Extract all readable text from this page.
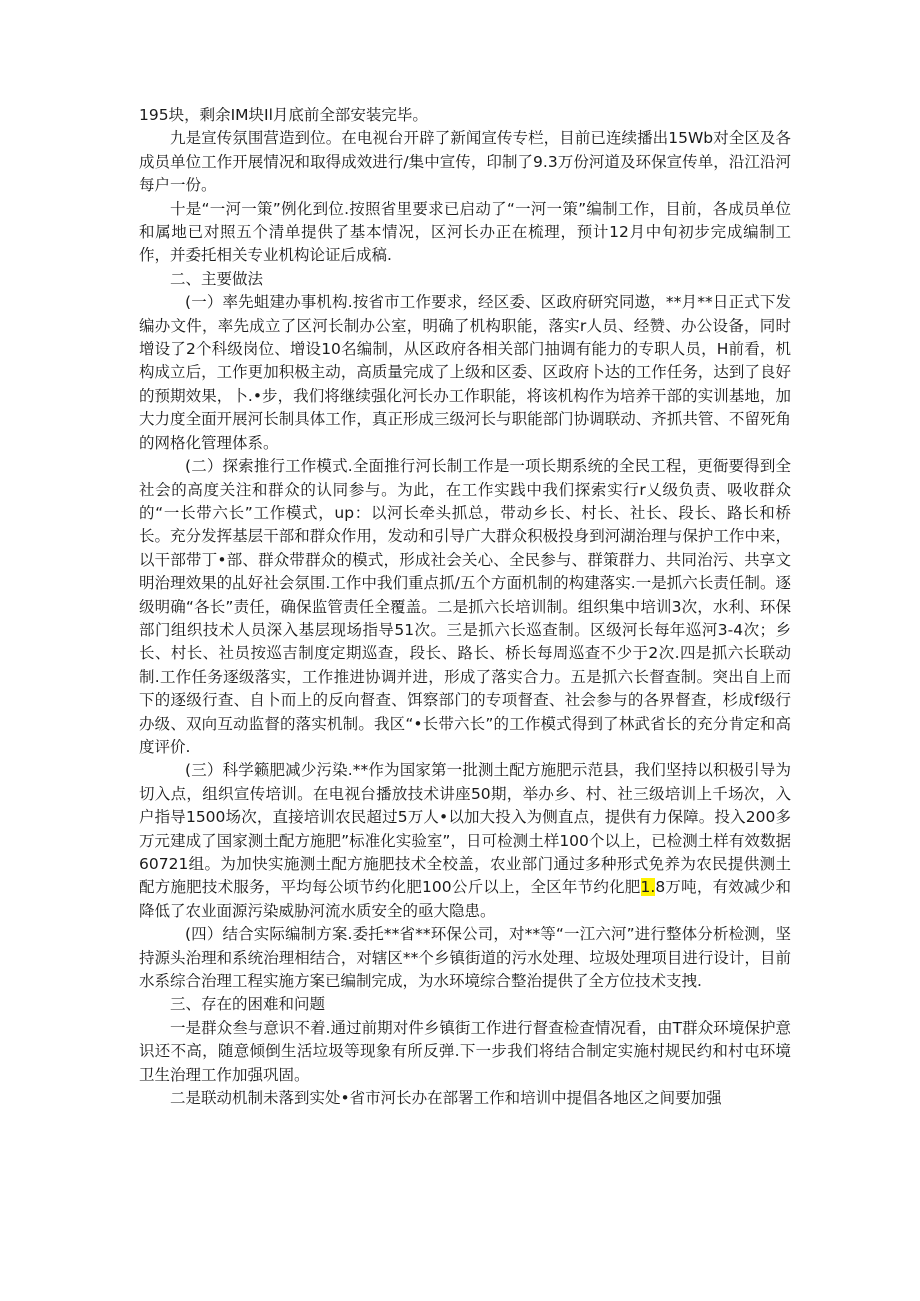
195块，剩余IM块Il月底前全部安装完毕。

九是宣传氛围营造到位。在电视台开辟了新闻宣传专栏，目前已连续播出15Wb对全区及各成员单位工作开展情况和取得成效进行/集中宣传，印制了9.3万份河道及环保宣传单，沿江沿河每户一份。

十是“一河一策”例化到位.按照省里要求已启动了“一河一策”编制工作，目前，各成员单位和属地已对照五个清单提供了基本情况，区河长办正在梳理，预计12月中旬初步完成编制工作，并委托相关专业机构论证后成稿.

二、主要做法

(一）率先蛆建办事机构.按省市工作要求，经区委、区政府研究同遨，**月**日正式下发编办文件，率先成立了区河长制办公室，明确了机构职能，落实r人员、经赞、办公设备，同时增设了2个科级岗位、增设10名编制，从区政府各相关部门抽调有能力的专职人员，H前看，机构成立后，工作更加积极主动，高质量完成了上级和区委、区政府卜达的工作任务，达到了良好的预期效果，卜.•步，我们将继续强化河长办工作职能，将该机构作为培养干部的实训基地，加大力度全面开展河长制具体工作，真正形成三级河长与职能部门协调联动、齐抓共管、不留死角的网格化管理体系。

(二）探索推行工作模式.全面推行河长制工作是一项长期系统的全民工程，更衙要得到全社会的高度关注和群众的认同参与。为此，在工作实践中我们探索实行r乂级负责、吸收群众的“一长带六长”工作模式，up：以河长牵头抓总，带动乡长、村长、社长、段长、路长和桥长。充分发挥基层干部和群众作用，发动和引导广大群众积极投身到河湖治理与保护工作中来，以干部带丁•部、群众带群众的模式，形成社会关心、全民参与、群策群力、共同治污、共享文明治理效果的乩好社会氛围.工作中我们重点抓/五个方面机制的构建落实.一是抓六长责任制。逐级明确“各长”责任，确保监管责任全覆盖。二是抓六长培训制。组织集中培训3次，水利、环保部门组织技术人员深入基层现场指导51次。三是抓六长巡查制。区级河长每年巡河3-4次；乡长、村长、社员按巡吉制度定期巡查，段长、路长、桥长每周巡查不少于2次.四是抓六长联动制.工作任务逐级落实，工作推进协调并进，形成了落实合力。五是抓六长督查制。突出自上而下的逐级行查、自卜而上的反向督查、饵察部门的专项督查、社会参与的各界督查，杉成f级行办级、双向互动监督的落实机制。我区“•长带六长”的工作模式得到了林武省长的充分肯定和高度评价.

(三）科学籁肥减少污染.**作为国家第一批测土配方施肥示范县，我们坚持以积极引导为切入点，组织宣传培训。在电视台播放技术讲座50期，举办乡、村、社三级培训上千场次，入户指导1500场次，直接培训农民超过5万人•以加大投入为侧直点，提供有力保障。投入200多万元建成了国家测土配方施肥”标准化实验室”，日可检测土样100个以上，已检测土样有效数据60721组。为加快实施测土配方施肥技术全校盖，农业部门通过多种形式免养为农民提供测土配方施肥技术服务，平均每公顷节约化肥100公斤以上，全区年节约化肥1.8万吨，有效减少和降低了农业面源污染威胁河流水质安全的亟大隐患。

(四）结合实际编制方案.委托**省**环保公司，对**等“一江六河”进行整体分析检测，坚持源头治理和系统治理相结合，对辖区**个乡镇街道的污水处理、垃圾处理项目进行设计，目前水系综合治理工程实施方案已编制完成，为水环境综合整治提供了全方位技术支拽.

三、存在的困难和问题

一是群众叁与意识不着.通过前期对件乡镇街工作进行督查检查情况看，由T群众环境保护意识还不高，随意倾倒生活垃圾等现象有所反弹.下一步我们将结合制定实施村规民约和村屯环境卫生治理工作加强巩固。

二是联动机制未落到实处•省市河长办在部署工作和培训中提倡各地区之间要加强
